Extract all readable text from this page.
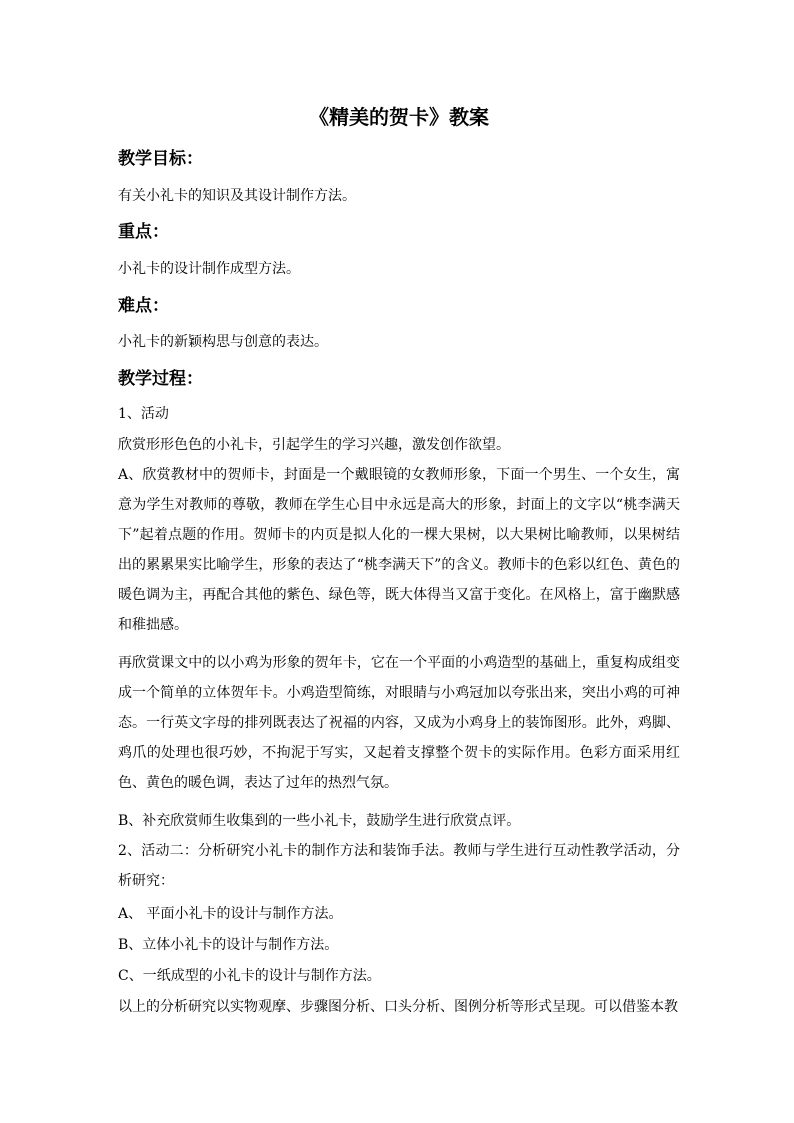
《精美的贺卡》教案
教学目标：

有关小礼卡的知识及其设计制作方法。

重点：

小礼卡的设计制作成型方法。

难点：

小礼卡的新颖构思与创意的表达。

教学过程：

1、活动

欣赏形形色色的小礼卡，引起学生的学习兴趣，激发创作欲望。

A、欣赏教材中的贺师卡，封面是一个戴眼镜的女教师形象，下面一个男生、一个女生，寓意为学生对教师的尊敬，教师在学生心目中永远是高大的形象，封面上的文字以“桃李满天下”起着点题的作用。贺师卡的内页是拟人化的一棵大果树，以大果树比喻教师，以果树结出的累累果实比喻学生，形象的表达了“桃李满天下”的含义。教师卡的色彩以红色、黄色的暖色调为主，再配合其他的紫色、绿色等，既大体得当又富于变化。在风格上，富于幽默感和稚拙感。

再欣赏课文中的以小鸡为形象的贺年卡，它在一个平面的小鸡造型的基础上，重复构成组变成一个简单的立体贺年卡。小鸡造型简练，对眼睛与小鸡冠加以夸张出来，突出小鸡的可神态。一行英文字母的排列既表达了祝福的内容，又成为小鸡身上的装饰图形。此外，鸡脚、鸡爪的处理也很巧妙，不拘泥于写实，又起着支撑整个贺卡的实际作用。色彩方面采用红色、黄色的暖色调，表达了过年的热烈气氛。

B、补充欣赏师生收集到的一些小礼卡，鼓励学生进行欣赏点评。

2、活动二：分析研究小礼卡的制作方法和装饰手法。教师与学生进行互动性教学活动，分析研究：

A、 平面小礼卡的设计与制作方法。

B、立体小礼卡的设计与制作方法。

C、一纸成型的小礼卡的设计与制作方法。

以上的分析研究以实物观摩、步骤图分析、口头分析、图例分析等形式呈现。可以借鉴本教
